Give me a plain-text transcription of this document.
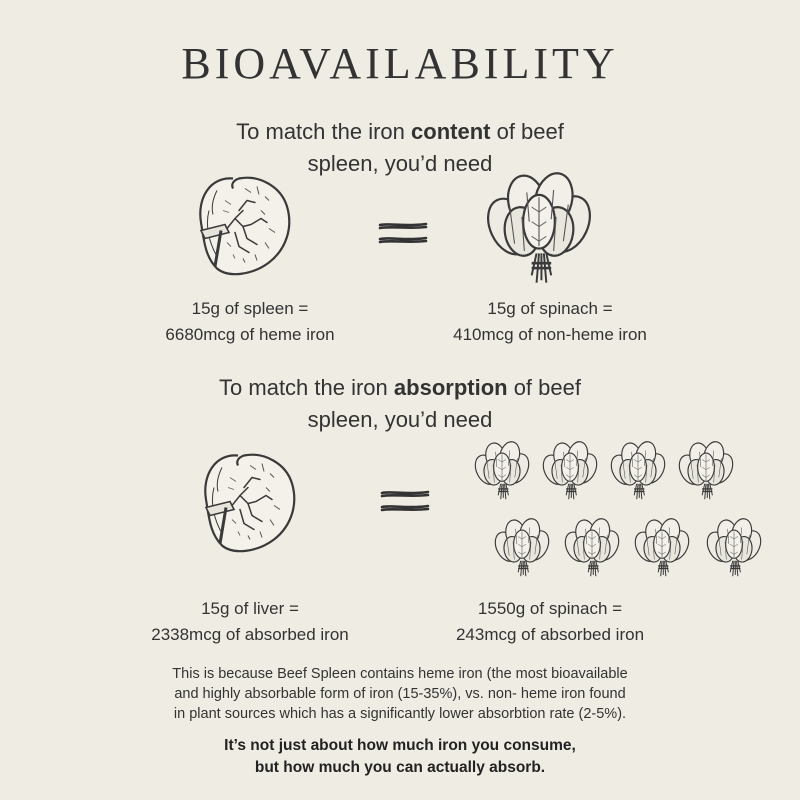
BIOAVAILABILITY
To match the iron content of beef
spleen, you’d need
15g of spleen =
6680mcg of heme iron
15g of spinach =
410mcg of non-heme iron
To match the iron absorption of beef
spleen, you’d need
15g of liver =
2338mcg of absorbed iron
1550g of spinach =
243mcg of absorbed iron
This is because Beef Spleen contains heme iron (the most bioavailable
and highly absorbable form of iron (15-35%), vs. non- heme iron found
in plant sources which has a significantly lower absorbtion rate (2-5%).
It’s not just about how much iron you consume,
but how much you can actually absorb.
